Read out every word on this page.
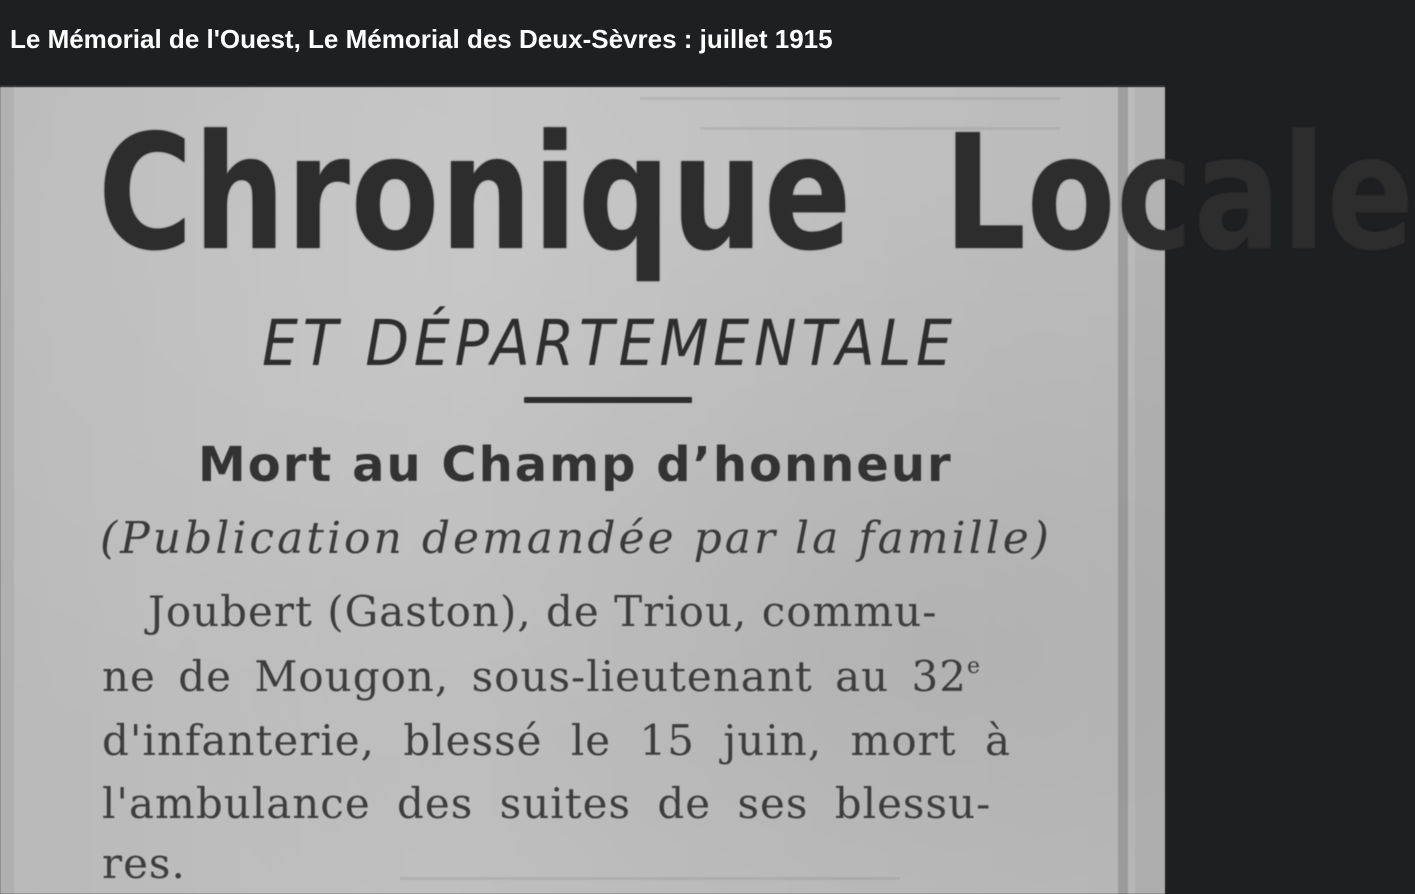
Le Mémorial de l'Ouest, Le Mémorial des Deux-Sèvres : juillet 1915
Chronique  Locale
ET DÉPARTEMENTALE
Mort au Champ d’honneur
(Publication demandée par la famille)
Joubert (Gaston), de Triou, commu-
ne de Mougon, sous-lieutenant au 32e
d'infanterie, blessé le 15 juin, mort à
l'ambulance des suites de ses blessu-
res.
